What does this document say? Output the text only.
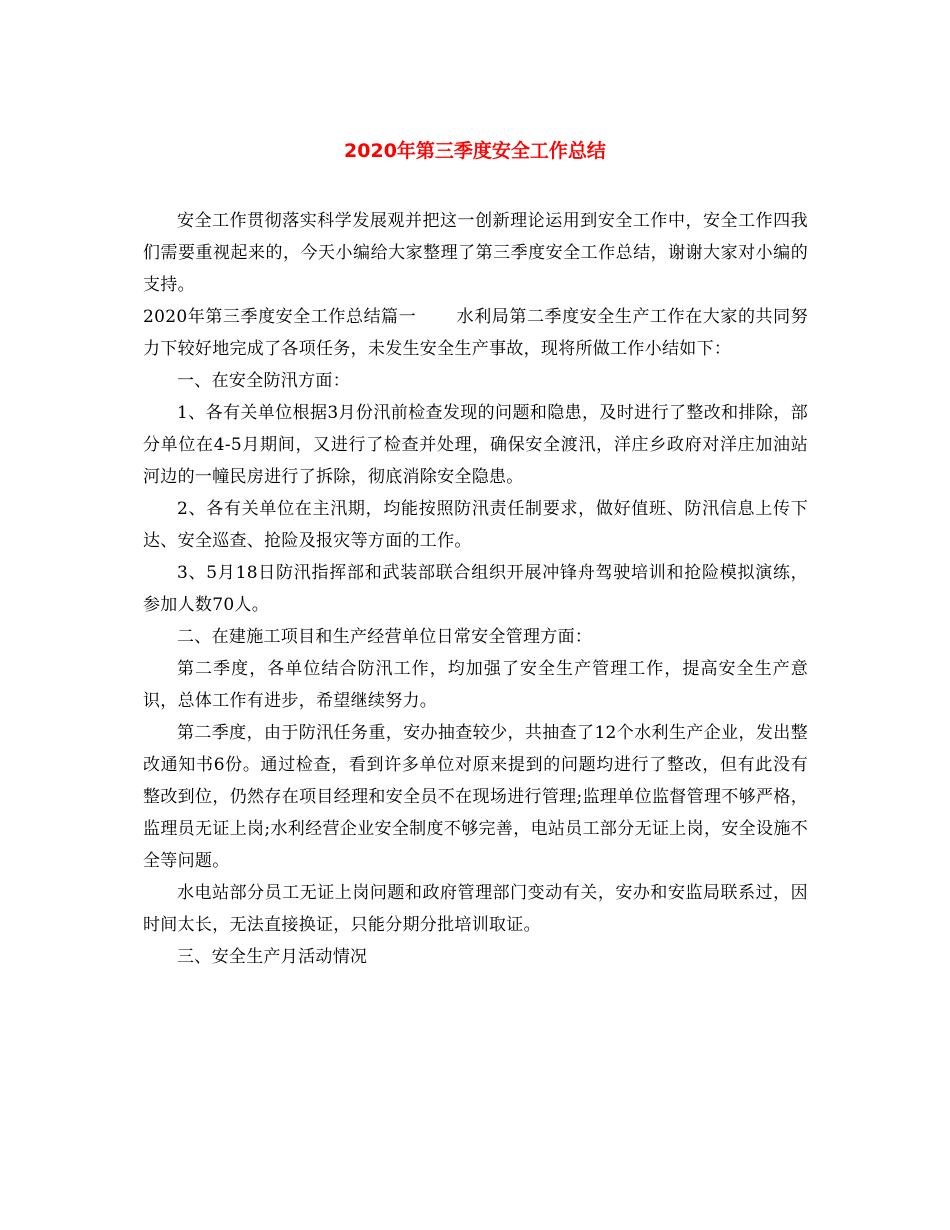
2020年第三季度安全工作总结

安全工作贯彻落实科学发展观并把这一创新理论运用到安全工作中，安全工作四我们需要重视起来的，今天小编给大家整理了第三季度安全工作总结，谢谢大家对小编的支持。

2020年第三季度安全工作总结篇一 水利局第二季度安全生产工作在大家的共同努力下较好地完成了各项任务，未发生安全生产事故，现将所做工作小结如下：

一、在安全防汛方面：

1、各有关单位根据3月份汛前检查发现的问题和隐患，及时进行了整改和排除，部分单位在4-5月期间，又进行了检查并处理，确保安全渡汛，洋庄乡政府对洋庄加油站河边的一幢民房进行了拆除，彻底消除安全隐患。

2、各有关单位在主汛期，均能按照防汛责任制要求，做好值班、防汛信息上传下达、安全巡查、抢险及报灾等方面的工作。

3、5月18日防汛指挥部和武装部联合组织开展冲锋舟驾驶培训和抢险模拟演练，参加人数70人。

二、在建施工项目和生产经营单位日常安全管理方面：

第二季度，各单位结合防汛工作，均加强了安全生产管理工作，提高安全生产意识，总体工作有进步，希望继续努力。

第二季度，由于防汛任务重，安办抽查较少，共抽查了12个水利生产企业，发出整改通知书6份。通过检查，看到许多单位对原来提到的问题均进行了整改，但有此没有整改到位，仍然存在项目经理和安全员不在现场进行管理;监理单位监督管理不够严格，监理员无证上岗;水利经营企业安全制度不够完善，电站员工部分无证上岗，安全设施不全等问题。

水电站部分员工无证上岗问题和政府管理部门变动有关，安办和安监局联系过，因时间太长，无法直接换证，只能分期分批培训取证。

三、安全生产月活动情况
